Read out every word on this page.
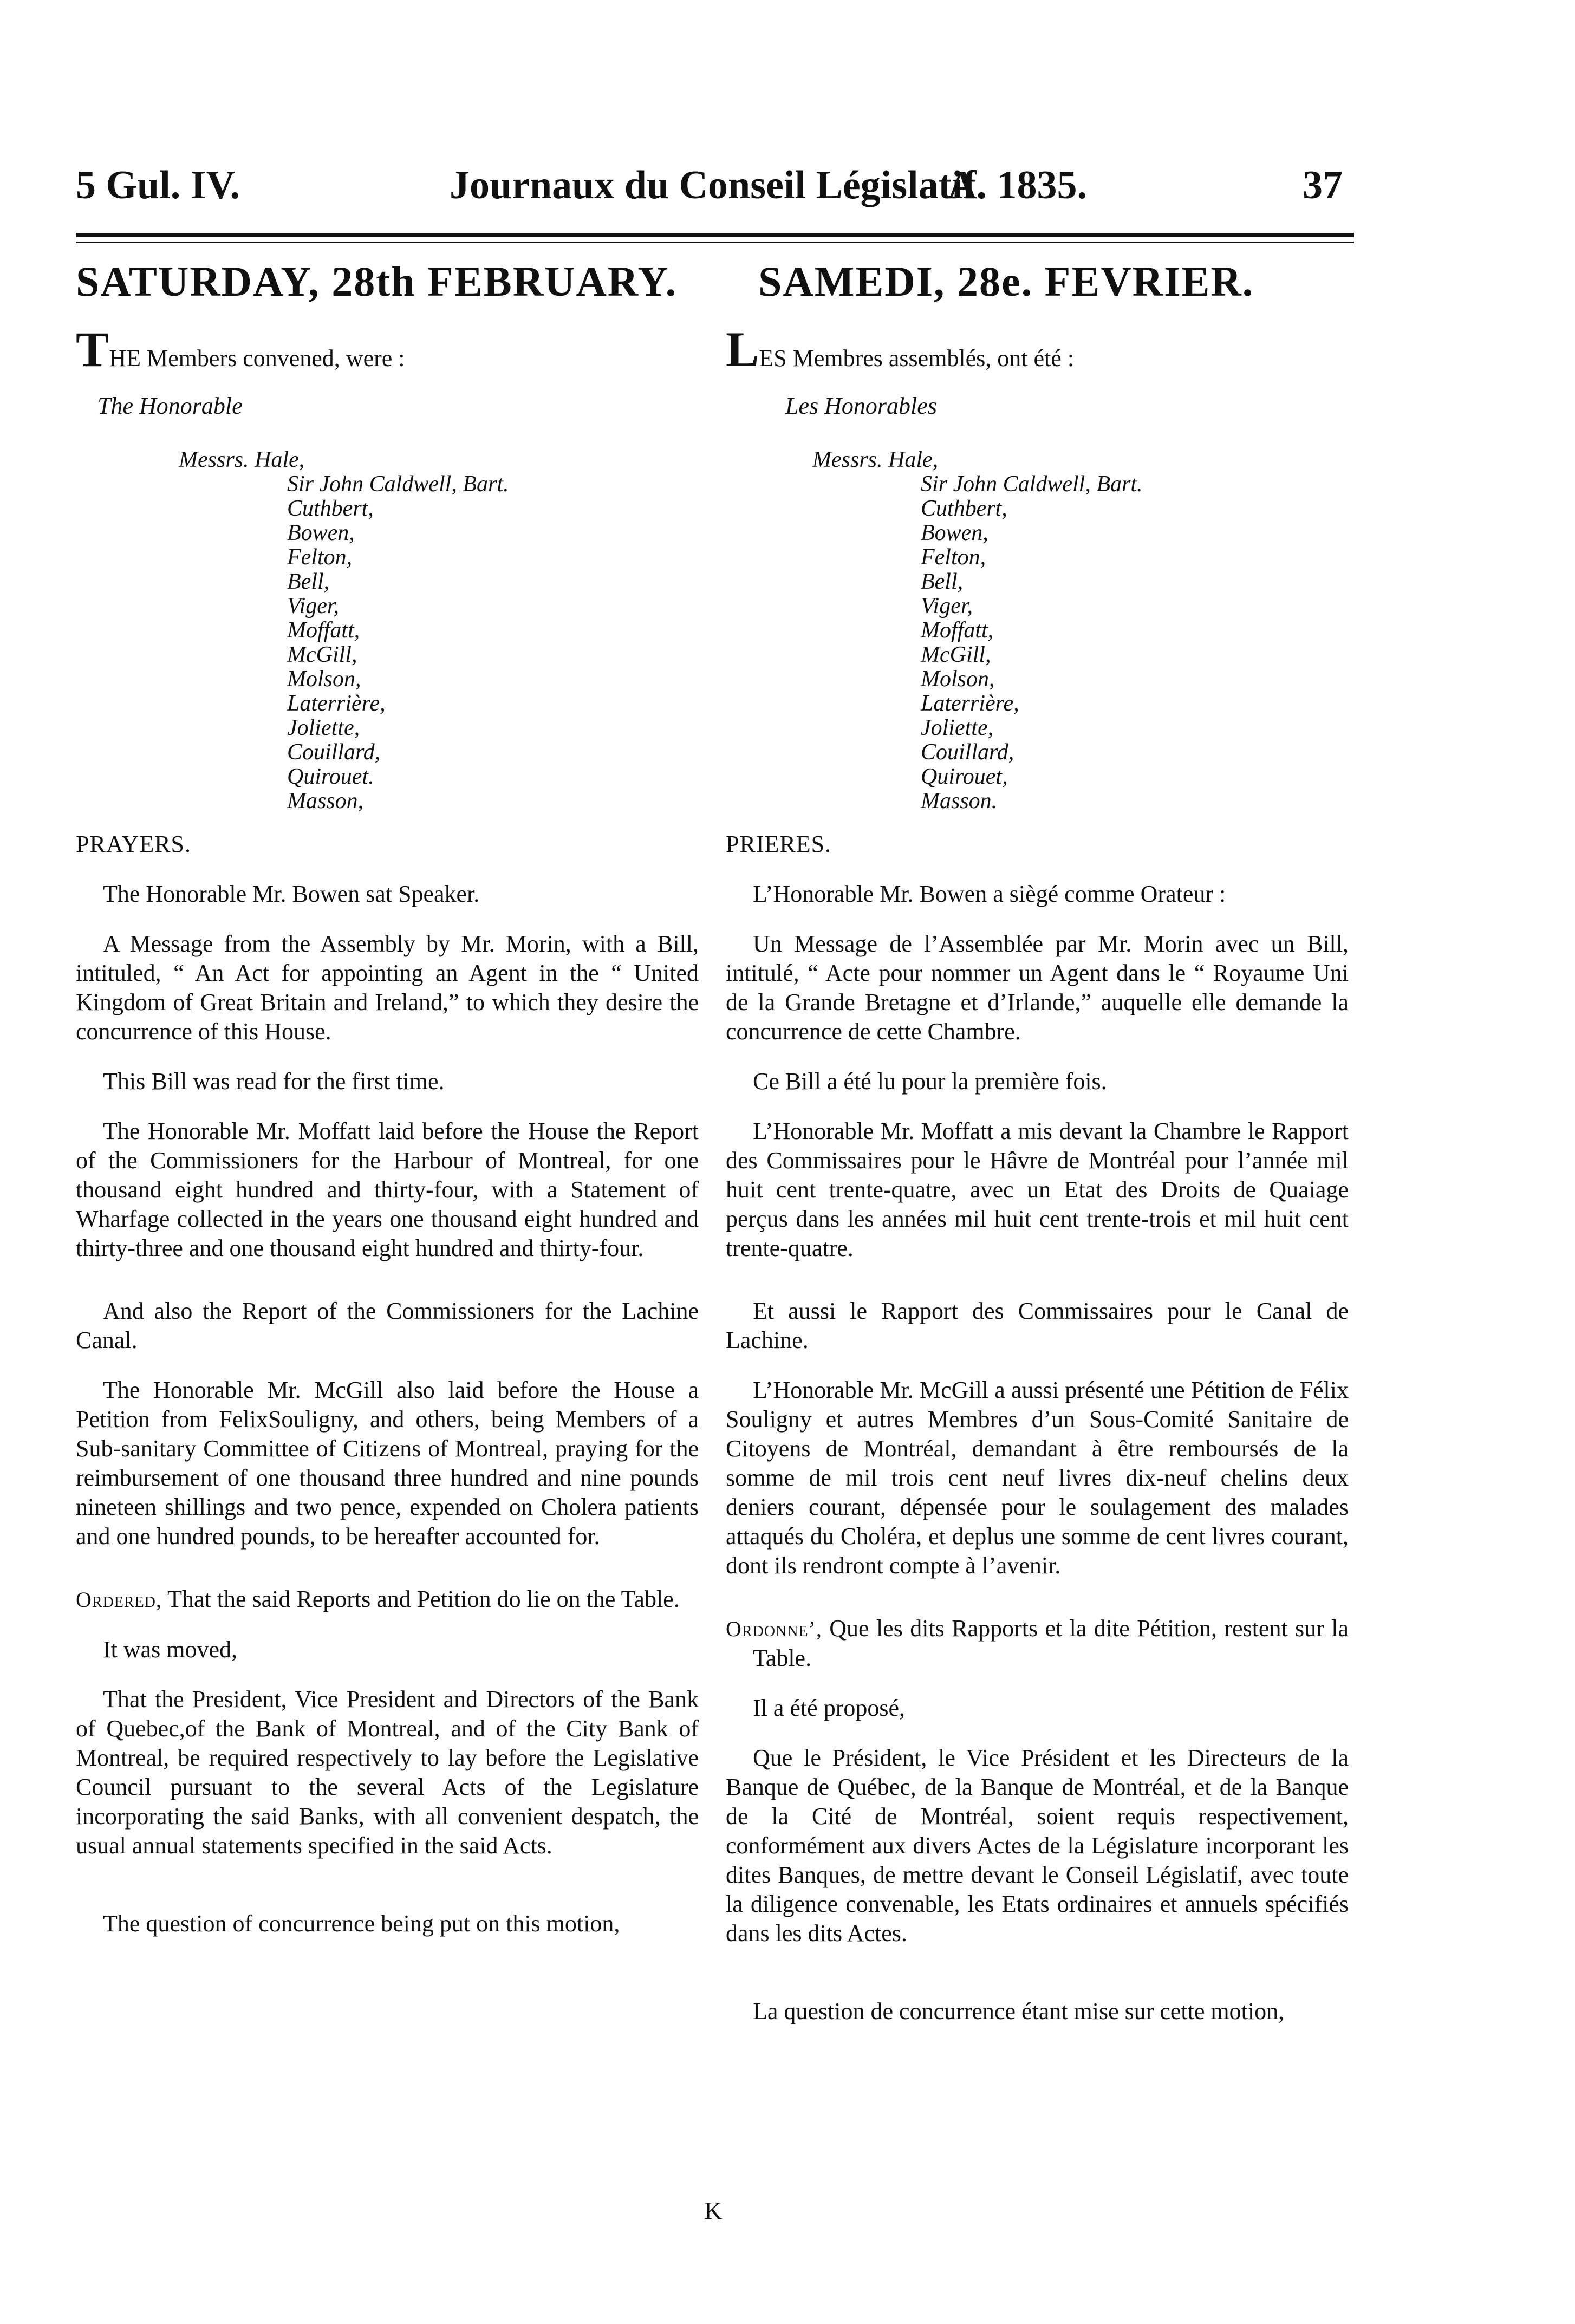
5 Gul. IV.	Journaux du Conseil Législatif.
A. 1835.	37
SATURDAY, 28th FEBRUARY.

THE Members convened, were :

The Honorable

Messrs. Hale,
Sir John Caldwell, Bart.
Cuthbert,
Bowen,
Felton,
Bell,
Viger,
Moffatt,
McGill,
Molson,
Laterrière,
Joliette,
Couillard,
Quirouet.
Masson,

PRAYERS.

The Honorable Mr. Bowen sat Speaker.

A Message from the Assembly by Mr. Morin, with a Bill, intituled, “ An Act for appointing an Agent in the “ United Kingdom of Great Britain and Ireland,” to which they desire the concurrence of this House.

This Bill was read for the first time.

The Honorable Mr. Moffatt laid before the House the Report of the Commissioners for the Harbour of Montreal, for one thousand eight hundred and thirty-four, with a Statement of Wharfage collected in the years one thousand eight hundred and thirty-three and one thousand eight hundred and thirty-four.

And also the Report of the Commissioners for the Lachine Canal.

The Honorable Mr. McGill also laid before the House a Petition from FelixSouligny, and others, being Members of a Sub-sanitary Committee of Citizens of Montreal, praying for the reimbursement of one thousand three hundred and nine pounds nineteen shillings and two pence, expended on Cholera patients and one hundred pounds, to be hereafter accounted for.

Ordered, That the said Reports and Petition do lie on the Table.

It was moved,

That the President, Vice President and Directors of the Bank of Quebec,of the Bank of Montreal, and of the City Bank of Montreal, be required respectively to lay before the Legislative Council pursuant to the several Acts of the Legislature incorporating the said Banks, with all convenient despatch, the usual annual statements specified in the said Acts.

The question of concurrence being put on this motion,

SAMEDI, 28e. FEVRIER.

LES Membres assemblés, ont été :

Les Honorables

Messrs. Hale,
Sir John Caldwell, Bart.
Cuthbert,
Bowen,
Felton,
Bell,
Viger,
Moffatt,
McGill,
Molson,
Laterrière,
Joliette,
Couillard,
Quirouet,
Masson.

PRIERES.

L’Honorable Mr. Bowen a siègé comme Orateur :

Un Message de l’Assemblée par Mr. Morin avec un Bill, intitulé, “ Acte pour nommer un Agent dans le “ Royaume Uni de la Grande Bretagne et d’Irlande,” auquelle elle demande la concurrence de cette Chambre.

Ce Bill a été lu pour la première fois.

L’Honorable Mr. Moffatt a mis devant la Chambre le Rapport des Commissaires pour le Hâvre de Montréal pour l’année mil huit cent trente-quatre, avec un Etat des Droits de Quaiage perçus dans les années mil huit cent trente-trois et mil huit cent trente-quatre.

Et aussi le Rapport des Commissaires pour le Canal de Lachine.

L’Honorable Mr. McGill a aussi présenté une Pétition de Félix Souligny et autres Membres d’un Sous-Comité Sanitaire de Citoyens de Montréal, demandant à être remboursés de la somme de mil trois cent neuf livres dix-neuf chelins deux deniers courant, dépensée pour le soulagement des malades attaqués du Choléra, et deplus une somme de cent livres courant, dont ils rendront compte à l’avenir.

Ordonne’, Que les dits Rapports et la dite Pétition, restent sur la Table.

Il a été proposé,

Que le Président, le Vice Président et les Directeurs de la Banque de Québec, de la Banque de Montréal, et de la Banque de la Cité de Montréal, soient requis respectivement, conformément aux divers Actes de la Législature incorporant les dites Banques, de mettre devant le Conseil Législatif, avec toute la diligence convenable, les Etats ordinaires et annuels spécifiés dans les dits Actes.

La question de concurrence étant mise sur cette motion,

K
